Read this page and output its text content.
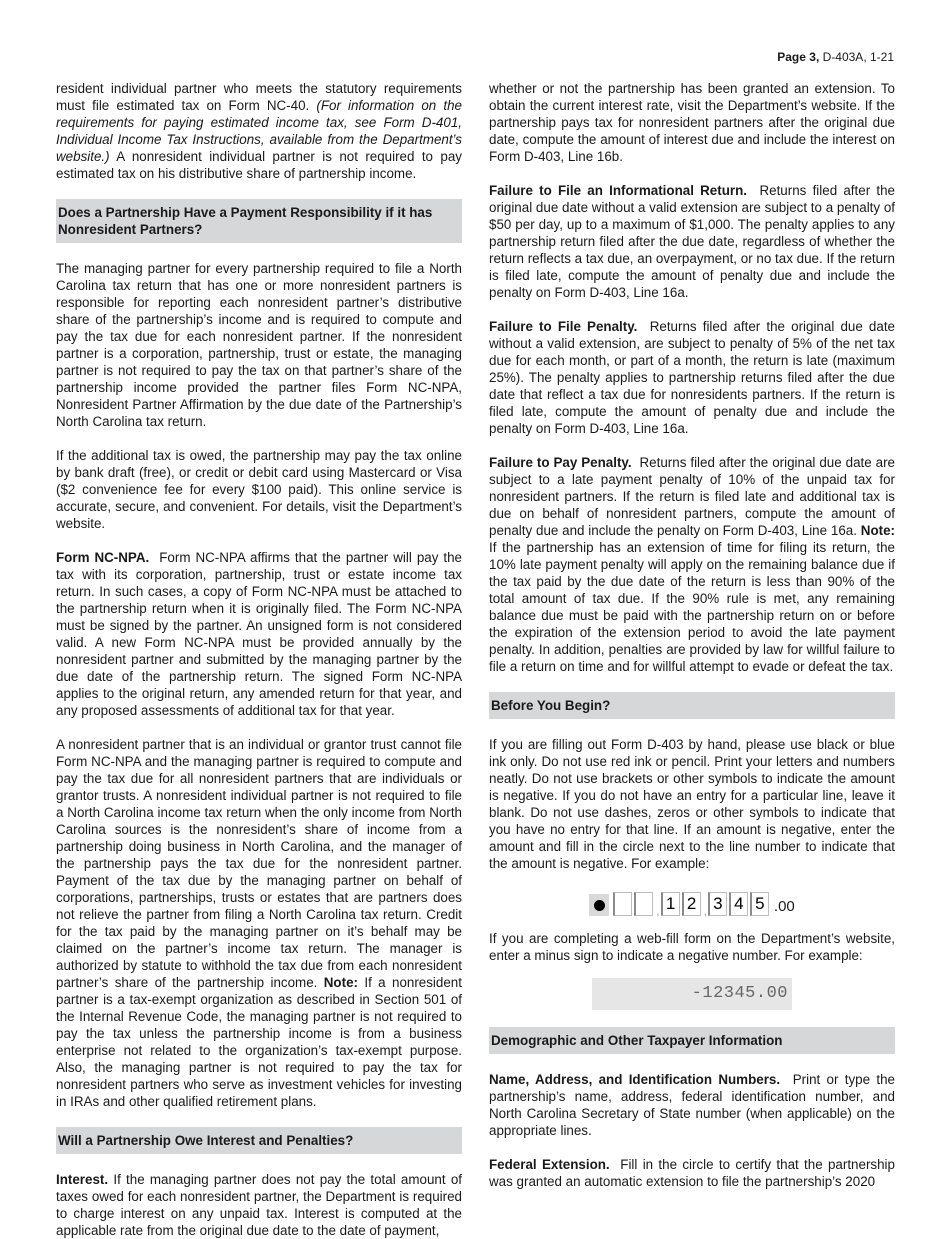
Page 3, D-403A, 1-21

resident individual partner who meets the statutory requirements must file estimated tax on Form NC-40. (For information on the requirements for paying estimated income tax, see Form D-401, Individual Income Tax Instructions, available from the Department’s website.) A nonresident individual partner is not required to pay estimated tax on his distributive share of partnership income.

Does a Partnership Have a Payment Responsibility if it has Nonresident Partners?

The managing partner for every partnership required to file a North Carolina tax return that has one or more nonresident partners is responsible for reporting each nonresident partner’s distributive share of the partnership’s income and is required to compute and pay the tax due for each nonresident partner. If the nonresident partner is a corporation, partnership, trust or estate, the managing partner is not required to pay the tax on that partner’s share of the partnership income provided the partner files Form NC-NPA, Nonresident Partner Affirmation by the due date of the Partnership’s North Carolina tax return.

If the additional tax is owed, the partnership may pay the tax online by bank draft (free), or credit or debit card using Mastercard or Visa ($2 convenience fee for every $100 paid). This online service is accurate, secure, and convenient. For details, visit the Department’s website.

Form NC-NPA. Form NC-NPA affirms that the partner will pay the tax with its corporation, partnership, trust or estate income tax return. In such cases, a copy of Form NC-NPA must be attached to the partnership return when it is originally filed. The Form NC-NPA must be signed by the partner. An unsigned form is not considered valid. A new Form NC-NPA must be provided annually by the nonresident partner and submitted by the managing partner by the due date of the partnership return. The signed Form NC-NPA applies to the original return, any amended return for that year, and any proposed assessments of additional tax for that year.

A nonresident partner that is an individual or grantor trust cannot file Form NC-NPA and the managing partner is required to compute and pay the tax due for all nonresident partners that are individuals or grantor trusts. A nonresident individual partner is not required to file a North Carolina income tax return when the only income from North Carolina sources is the nonresident’s share of income from a partnership doing business in North Carolina, and the manager of the partnership pays the tax due for the nonresident partner. Payment of the tax due by the managing partner on behalf of corporations, partnerships, trusts or estates that are partners does not relieve the partner from filing a North Carolina tax return. Credit for the tax paid by the managing partner on it’s behalf may be claimed on the partner’s income tax return. The manager is authorized by statute to withhold the tax due from each nonresident partner’s share of the partnership income. Note: If a nonresident partner is a tax-exempt organization as described in Section 501 of the Internal Revenue Code, the managing partner is not required to pay the tax unless the partnership income is from a business enterprise not related to the organization’s tax-exempt purpose. Also, the managing partner is not required to pay the tax for nonresident partners who serve as investment vehicles for investing in IRAs and other qualified retirement plans.

Will a Partnership Owe Interest and Penalties?

Interest. If the managing partner does not pay the total amount of taxes owed for each nonresident partner, the Department is required to charge interest on any unpaid tax. Interest is computed at the applicable rate from the original due date to the date of payment,

whether or not the partnership has been granted an extension. To obtain the current interest rate, visit the Department’s website. If the partnership pays tax for nonresident partners after the original due date, compute the amount of interest due and include the interest on Form D-403, Line 16b.

Failure to File an Informational Return. Returns filed after the original due date without a valid extension are subject to a penalty of $50 per day, up to a maximum of $1,000. The penalty applies to any partnership return filed after the due date, regardless of whether the return reflects a tax due, an overpayment, or no tax due. If the return is filed late, compute the amount of penalty due and include the penalty on Form D-403, Line 16a.

Failure to File Penalty. Returns filed after the original due date without a valid extension, are subject to penalty of 5% of the net tax due for each month, or part of a month, the return is late (maximum 25%). The penalty applies to partnership returns filed after the due date that reflect a tax due for nonresidents partners. If the return is filed late, compute the amount of penalty due and include the penalty on Form D-403, Line 16a.

Failure to Pay Penalty. Returns filed after the original due date are subject to a late payment penalty of 10% of the unpaid tax for nonresident partners. If the return is filed late and additional tax is due on behalf of nonresident partners, compute the amount of penalty due and include the penalty on Form D-403, Line 16a. Note: If the partnership has an extension of time for filing its return, the 10% late payment penalty will apply on the remaining balance due if the tax paid by the due date of the return is less than 90% of the total amount of tax due. If the 90% rule is met, any remaining balance due must be paid with the partnership return on or before the expiration of the extension period to avoid the late payment penalty. In addition, penalties are provided by law for willful failure to file a return on time and for willful attempt to evade or defeat the tax.

Before You Begin?

If you are filling out Form D-403 by hand, please use black or blue ink only. Do not use red ink or pencil. Print your letters and numbers neatly. Do not use brackets or other symbols to indicate the amount is negative. If you do not have an entry for a particular line, leave it blank. Do not use dashes, zeros or other symbols to indicate that you have no entry for that line. If an amount is negative, enter the amount and fill in the circle next to the line number to indicate that the amount is negative. For example:

, 1 2 , 3 4 5 .00

If you are completing a web-fill form on the Department’s website, enter a minus sign to indicate a negative number. For example:

-12345.00
Demographic and Other Taxpayer Information

Name, Address, and Identification Numbers. Print or type the partnership’s name, address, federal identification number, and North Carolina Secretary of State number (when applicable) on the appropriate lines.

Federal Extension. Fill in the circle to certify that the partnership was granted an automatic extension to file the partnership’s 2020
